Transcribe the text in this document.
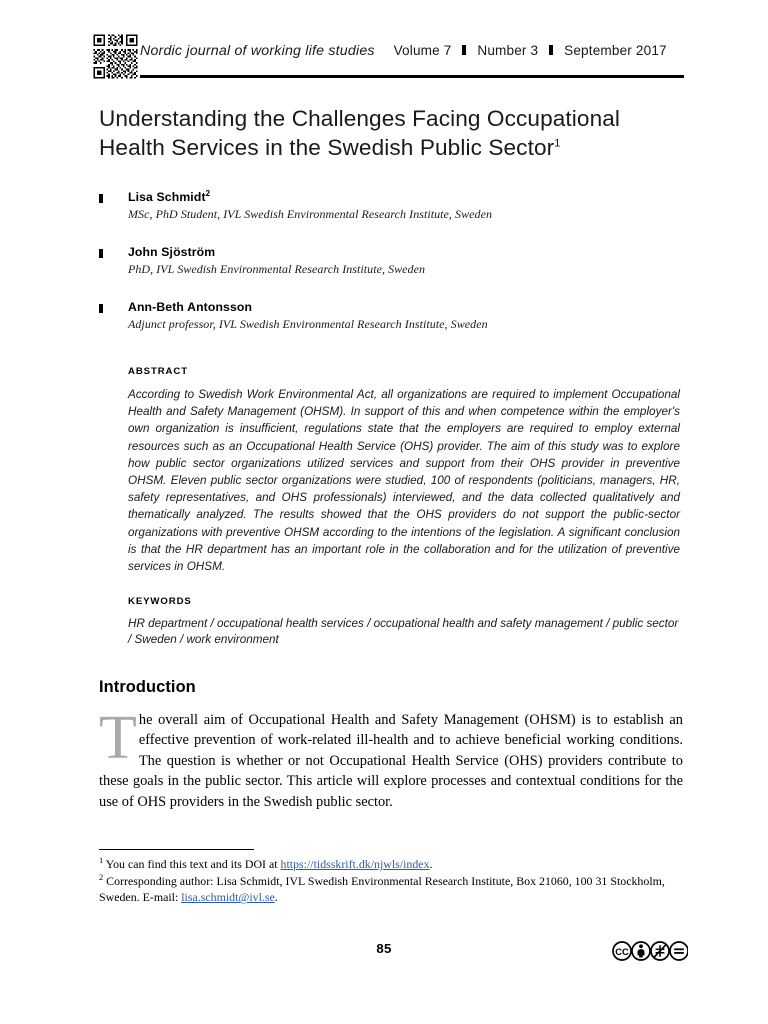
Nordic journal of working life studies Volume 7 Number 3 September 2017
Understanding the Challenges Facing Occupational
Health Services in the Swedish Public Sector$^1$
Lisa Schmidt$^2$
MSc, PhD Student, IVL Swedish Environmental Research Institute, Sweden
John Sjöström
PhD, IVL Swedish Environmental Research Institute, Sweden
Ann-Beth Antonsson
Adjunct professor, IVL Swedish Environmental Research Institute, Sweden
ABSTRACT
According to Swedish Work Environmental Act, all organizations are required to implement Occupational Health and Safety Management (OHSM). In support of this and when competence within the employer's own organization is insufficient, regulations state that the employers are required to employ external resources such as an Occupational Health Service (OHS) provider. The aim of this study was to explore how public sector organizations utilized services and support from their OHS provider in preventive OHSM. Eleven public sector organizations were studied, 100 of respondents (politicians, managers, HR, safety representatives, and OHS professionals) interviewed, and the data collected qualitatively and thematically analyzed. The results showed that the OHS providers do not support the public-sector organizations with preventive OHSM according to the intentions of the legislation. A significant conclusion is that the HR department has an important role in the collaboration and for the utilization of preventive services in OHSM.
KEYWORDS
HR department / occupational health services / occupational health and safety management / public sector / Sweden / work environment
Introduction
The overall aim of Occupational Health and Safety Management (OHSM) is to establish an effective prevention of work-related ill-health and to achieve beneficial working conditions. The question is whether or not Occupational Health Service (OHS) providers contribute to these goals in the public sector. This article will explore processes and contextual conditions for the use of OHS providers in the Swedish public sector.
$^1$ You can find this text and its DOI at https://tidsskrift.dk/njwls/index.
$^2$ Corresponding author: Lisa Schmidt, IVL Swedish Environmental Research Institute, Box 21060, 100 31 Stockholm, Sweden. E-mail: lisa.schmidt@ivl.se.
85	CC
